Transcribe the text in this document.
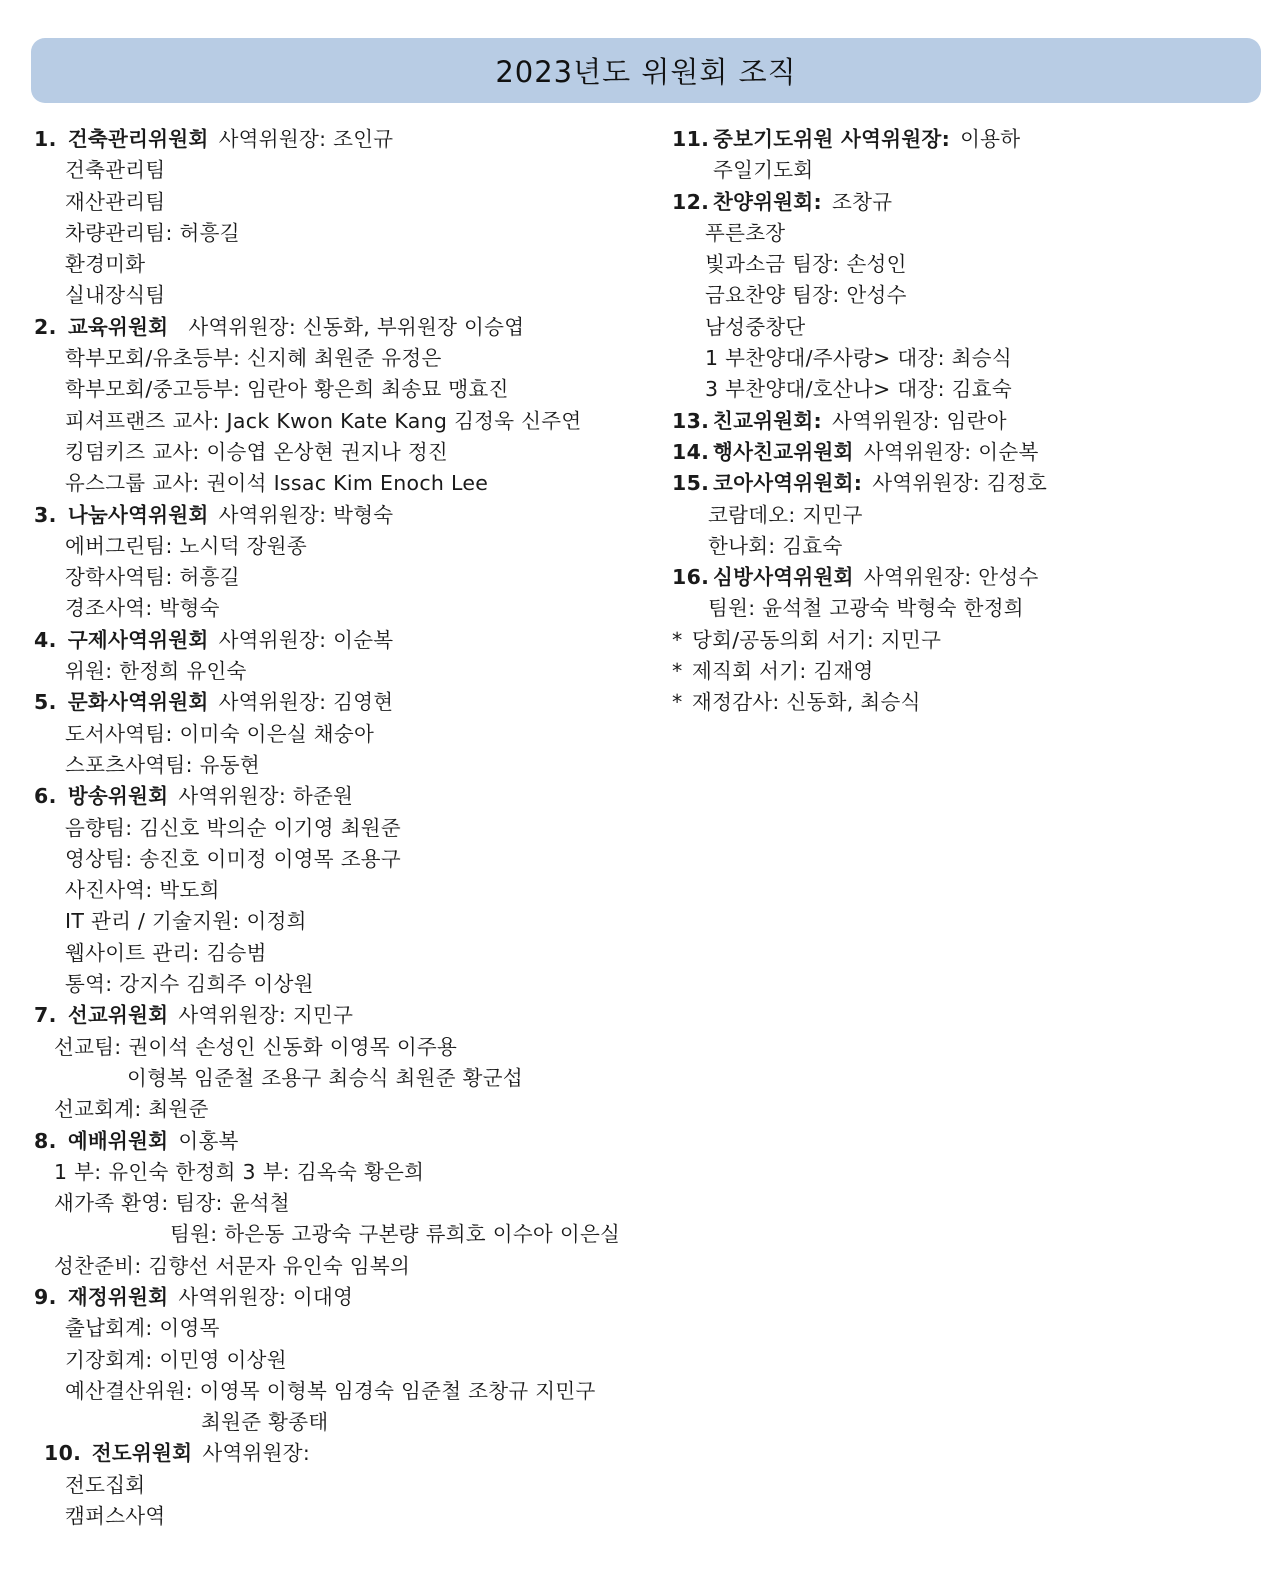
2023년도 위원회 조직
1. 건축관리위원회 사역위원장: 조인규
건축관리팀
재산관리팀
차량관리팀: 허흥길
환경미화
실내장식팀
2. 교육위원회 사역위원장: 신동화, 부위원장 이승엽
학부모회/유초등부: 신지혜 최원준 유정은
학부모회/중고등부: 임란아 황은희 최송묘 맹효진
피셔프랜즈 교사: Jack Kwon Kate Kang 김정욱 신주연
킹덤키즈 교사: 이승엽 온상현 권지나 정진
유스그룹 교사: 권이석 Issac Kim Enoch Lee
3. 나눔사역위원회 사역위원장: 박형숙
에버그린팀: 노시덕 장원종
장학사역팀: 허흥길
경조사역: 박형숙
4. 구제사역위원회 사역위원장: 이순복
위원: 한정희 유인숙
5. 문화사역위원회 사역위원장: 김영현
도서사역팀: 이미숙 이은실 채숭아
스포츠사역팀: 유동현
6. 방송위원회 사역위원장: 하준원
음향팀: 김신호 박의순 이기영 최원준
영상팀: 송진호 이미정 이영목 조용구
사진사역: 박도희
IT 관리 / 기술지원: 이정희
웹사이트 관리: 김승범
통역: 강지수 김희주 이상원
7. 선교위원회 사역위원장: 지민구
선교팀: 권이석 손성인 신동화 이영목 이주용
이형복 임준철 조용구 최승식 최원준 황군섭
선교회계: 최원준
8. 예배위원회 이홍복
1 부: 유인숙 한정희 3 부: 김옥숙 황은희
새가족 환영: 팀장: 윤석철
팀원: 하은동 고광숙 구본량 류희호 이수아 이은실
성찬준비: 김향선 서문자 유인숙 임복의
9. 재정위원회 사역위원장: 이대영
출납회계: 이영목
기장회계: 이민영 이상원
예산결산위원: 이영목 이형복 임경숙 임준철 조창규 지민구
최원준 황종태
10. 전도위원회 사역위원장:
전도집회
캠퍼스사역
11. 중보기도위원 사역위원장: 이용하
주일기도회
12. 찬양위원회: 조창규
푸른초장
빛과소금 팀장: 손성인
금요찬양 팀장: 안성수
남성중창단
1 부찬양대/주사랑> 대장: 최승식
3 부찬양대/호산나> 대장: 김효숙
13. 친교위원회: 사역위원장: 임란아
14. 행사친교위원회 사역위원장: 이순복
15. 코아사역위원회: 사역위원장: 김정호
코람데오: 지민구
한나회: 김효숙
16. 심방사역위원회 사역위원장: 안성수
팀원: 윤석철 고광숙 박형숙 한정희
* 당회/공동의회 서기: 지민구
* 제직회 서기: 김재영
* 재정감사: 신동화, 최승식
